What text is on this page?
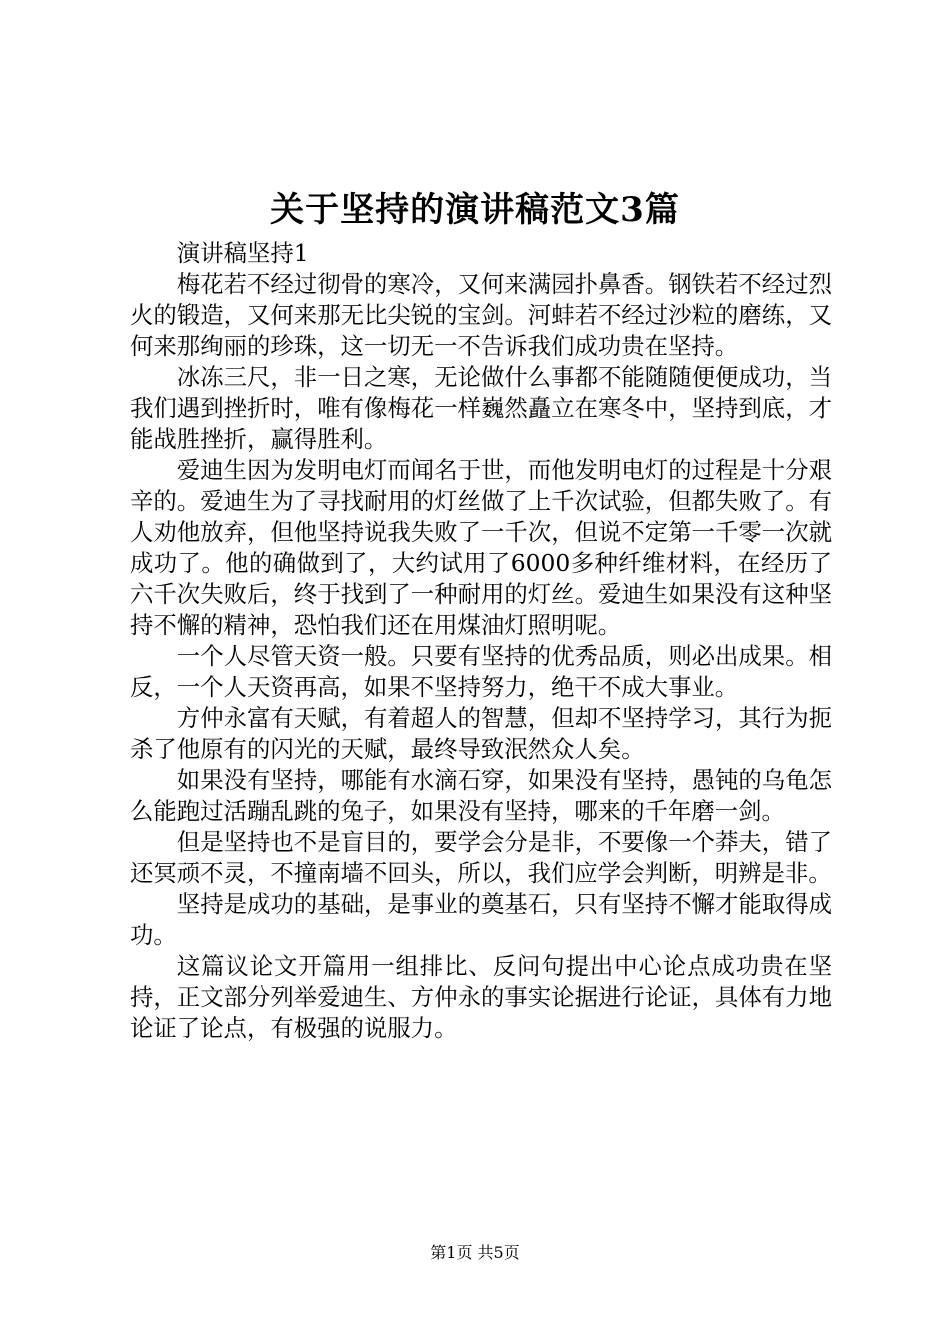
关于坚持的演讲稿范文3篇

演讲稿坚持1

梅花若不经过彻骨的寒冷，又何来满园扑鼻香。钢铁若不经过烈火的锻造，又何来那无比尖锐的宝剑。河蚌若不经过沙粒的磨练，又何来那绚丽的珍珠，这一切无一不告诉我们成功贵在坚持。

冰冻三尺，非一日之寒，无论做什么事都不能随随便便成功，当我们遇到挫折时，唯有像梅花一样巍然矗立在寒冬中，坚持到底，才能战胜挫折，赢得胜利。

爱迪生因为发明电灯而闻名于世，而他发明电灯的过程是十分艰辛的。爱迪生为了寻找耐用的灯丝做了上千次试验，但都失败了。有人劝他放弃，但他坚持说我失败了一千次，但说不定第一千零一次就成功了。他的确做到了，大约试用了6000多种纤维材料，在经历了六千次失败后，终于找到了一种耐用的灯丝。爱迪生如果没有这种坚持不懈的精神，恐怕我们还在用煤油灯照明呢。

一个人尽管天资一般。只要有坚持的优秀品质，则必出成果。相反，一个人天资再高，如果不坚持努力，绝干不成大事业。

方仲永富有天赋，有着超人的智慧，但却不坚持学习，其行为扼杀了他原有的闪光的天赋，最终导致泯然众人矣。

如果没有坚持，哪能有水滴石穿，如果没有坚持，愚钝的乌龟怎么能跑过活蹦乱跳的兔子，如果没有坚持，哪来的千年磨一剑。

但是坚持也不是盲目的，要学会分是非，不要像一个莽夫，错了还冥顽不灵，不撞南墙不回头，所以，我们应学会判断，明辨是非。

坚持是成功的基础，是事业的奠基石，只有坚持不懈才能取得成功。

这篇议论文开篇用一组排比、反问句提出中心论点成功贵在坚持，正文部分列举爱迪生、方仲永的事实论据进行论证，具体有力地论证了论点，有极强的说服力。

第1页 共5页
